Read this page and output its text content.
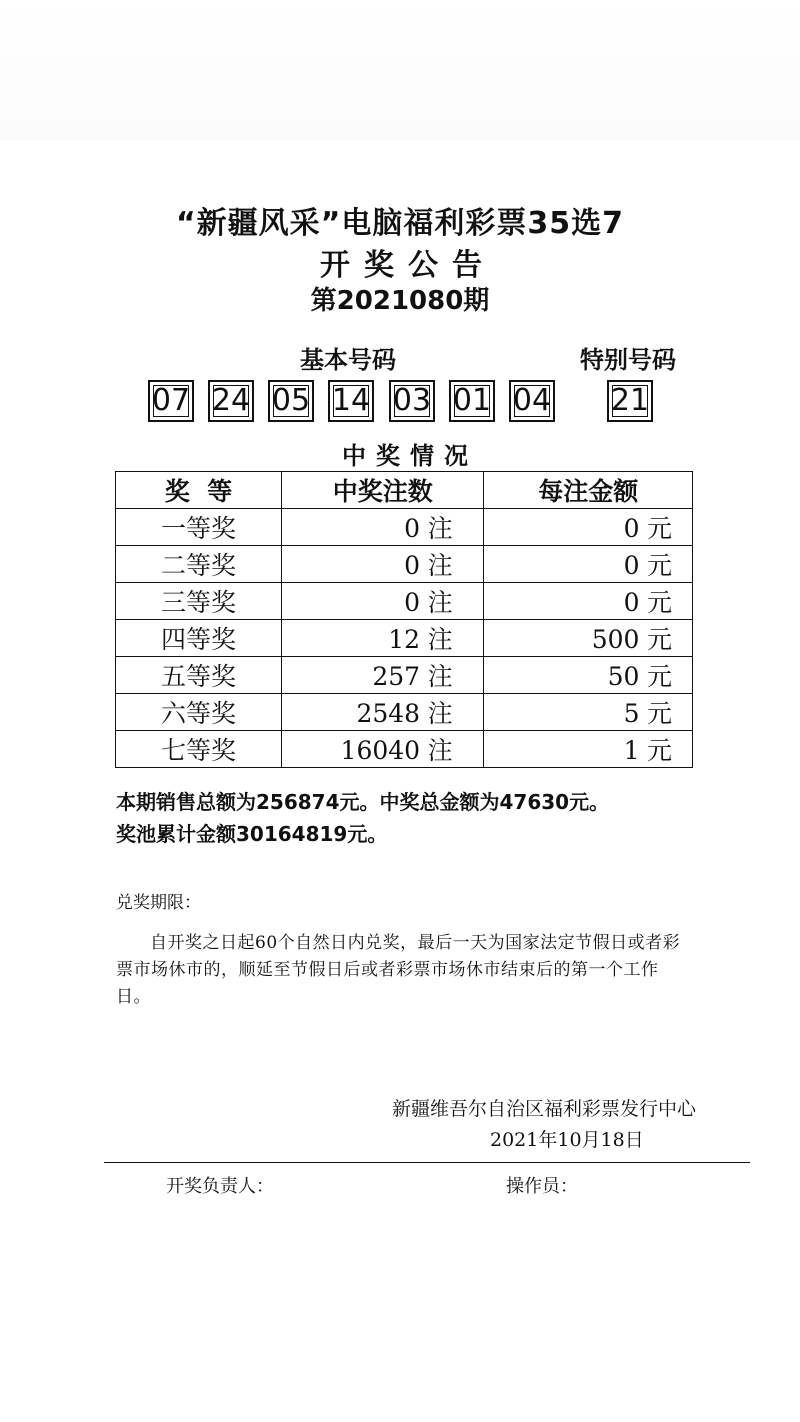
“新疆风采”电脑福利彩票35选7
开奖公告
第2021080期
基本号码	特别号码
07 24 05 14 03 01 04 21
中奖情况
奖  等	中奖注数	每注金额
一等奖	0 注	0 元
二等奖	0 注	0 元
三等奖	0 注	0 元
四等奖	12 注	500 元
五等奖	257 注	50 元
六等奖	2548 注	5 元
七等奖	16040 注	1 元
本期销售总额为256874元。中奖总金额为47630元。
奖池累计金额30164819元。
兑奖期限：
自开奖之日起60个自然日内兑奖，最后一天为国家法定节假日或者彩票市场休市的，顺延至节假日后或者彩票市场休市结束后的第一个工作日。
新疆维吾尔自治区福利彩票发行中心
2021年10月18日
开奖负责人：	操作员：
